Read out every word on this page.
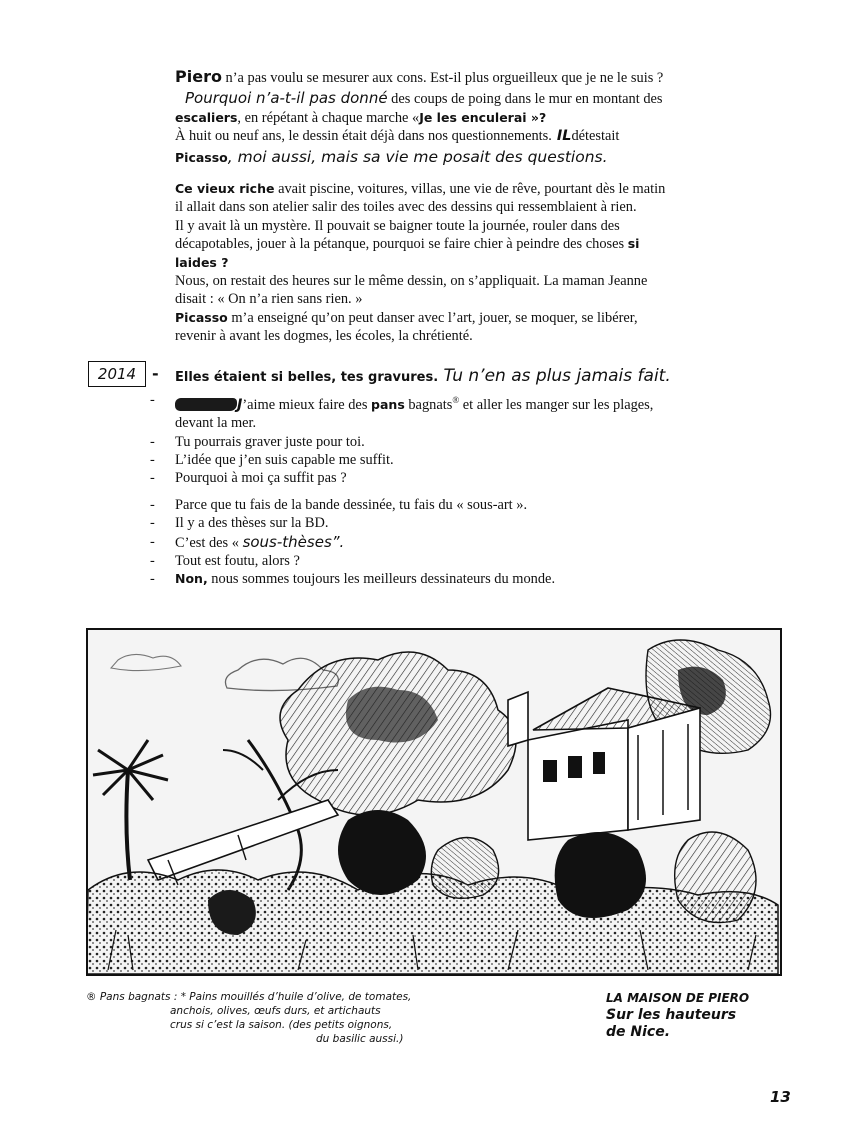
Piero n’a pas voulu se mesurer aux cons. Est-il plus orgueilleux que je ne le suis ?
Pourquoi n’a-t-il pas donné des coups de poing dans le mur en montant des
escaliers, en répétant à chaque marche «Je les enculerai »?
À huit ou neuf ans, le dessin était déjà dans nos questionnements. ILdétestait
Picasso, moi aussi, mais sa vie me posait des questions.
Ce vieux riche avait piscine, voitures, villas, une vie de rêve, pourtant dès le matin
il allait dans son atelier salir des toiles avec des dessins qui ressemblaient à rien.
Il y avait là un mystère. Il pouvait se baigner toute la journée, rouler dans des
décapotables, jouer à la pétanque, pourquoi se faire chier à peindre des choses si
laides ?
Nous, on restait des heures sur le même dessin, on s’appliquait. La maman Jeanne
disait : « On n’a rien sans rien. »
Picasso m’a enseigné qu’on peut danser avec l’art, jouer, se moquer, se libérer,
revenir à avant les dogmes, les écoles, la chrétienté.
2014 - Elles étaient si belles, tes gravures. Tu n’en as plus jamais fait.
-	J’aime mieux faire des pans bagnats® et aller les manger sur les plages,
devant la mer.
- Tu pourrais graver juste pour toi.
- L’idée que j’en suis capable me suffit.
- Pourquoi à moi ça suffit pas ?
- Parce que tu fais de la bande dessinée, tu fais du « sous-art ».
- Il y a des thèses sur la BD.
- C’est des « sous-thèses”.
- Tout est foutu, alors ?
- Non, nous sommes toujours les meilleurs dessinateurs du monde.
® Pans bagnats : * Pains mouillés d’huile d’olive, de tomates,
anchois, olives, œufs durs, et artichauts
crus si c’est la saison. (des petits oignons,
du basilic aussi.)
LA MAISON DE PIERO
Sur les hauteurs
de Nice.
13
